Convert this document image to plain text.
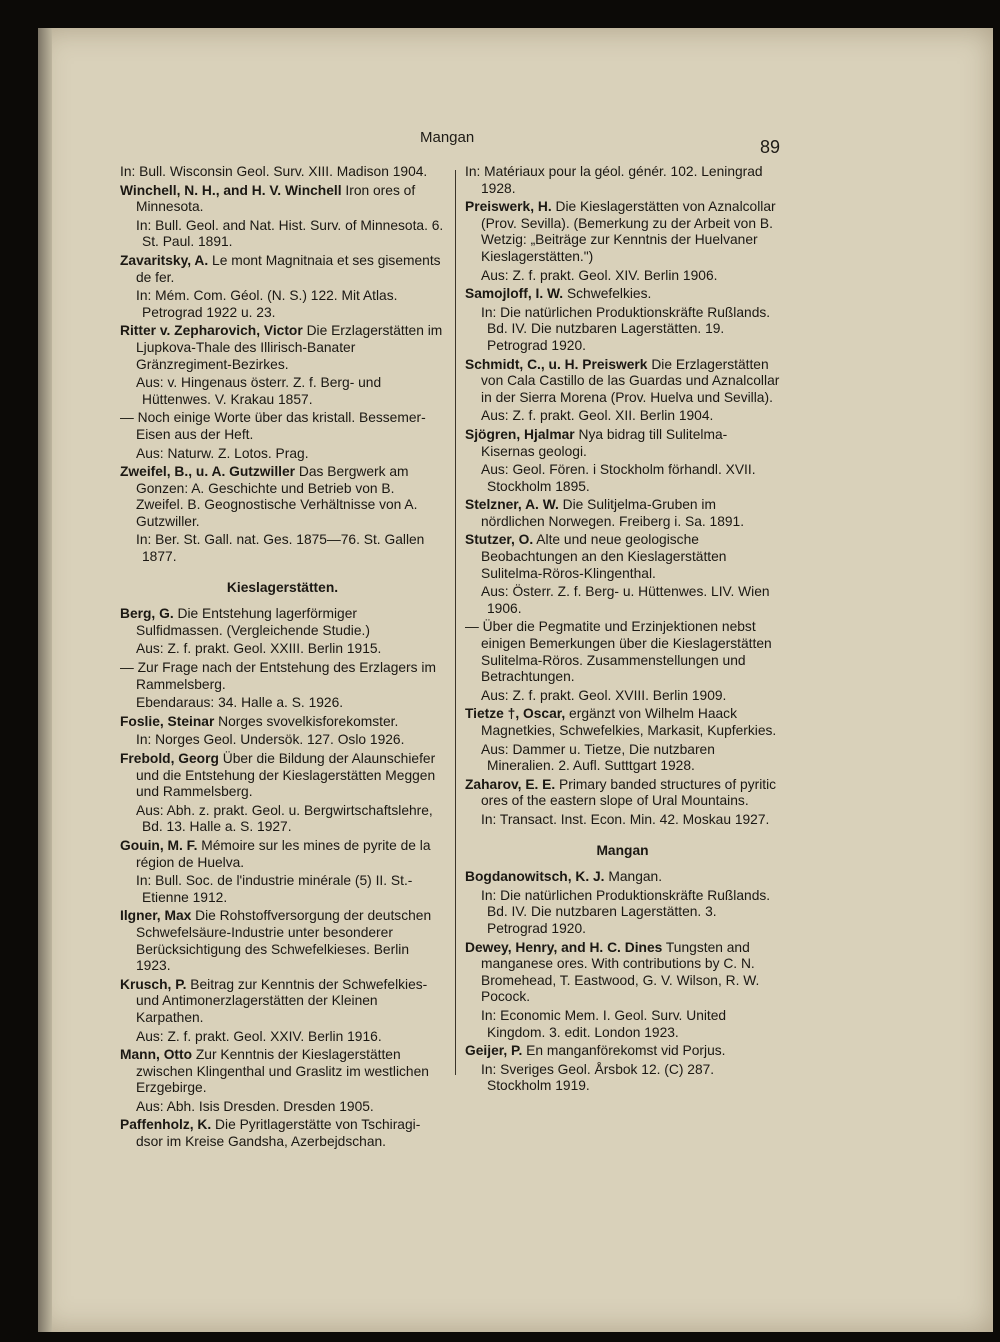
Mangan	89
In: Bull. Wisconsin Geol. Surv. XIII. Madison 1904.
Winchell, N. H., and H. V. Winchell Iron ores of Minnesota.
In: Bull. Geol. and Nat. Hist. Surv. of Minnesota. 6. St. Paul. 1891.
Zavaritsky, A. Le mont Magnitnaia et ses gisements de fer.
In: Mém. Com. Géol. (N. S.) 122. Mit Atlas. Petrograd 1922 u. 23.
Ritter v. Zepharovich, Victor Die Erzlagerstätten im Ljupkova-Thale des Illirisch-Banater Gränzregiment-Bezirkes.
Aus: v. Hingenaus österr. Z. f. Berg- und Hüttenwes. V. Krakau 1857.
— Noch einige Worte über das kristall. Bessemer-Eisen aus der Heft.
Aus: Naturw. Z. Lotos. Prag.
Zweifel, B., u. A. Gutzwiller Das Bergwerk am Gonzen: A. Geschichte und Betrieb von B. Zweifel. B. Geognostische Verhältnisse von A. Gutzwiller.
In: Ber. St. Gall. nat. Ges. 1875—76. St. Gallen 1877.
Kieslagerstätten.
Berg, G. Die Entstehung lagerförmiger Sulfidmassen. (Vergleichende Studie.)
Aus: Z. f. prakt. Geol. XXIII. Berlin 1915.
— Zur Frage nach der Entstehung des Erzlagers im Rammelsberg.
Ebendaraus: 34. Halle a. S. 1926.
Foslie, Steinar Norges svovelkisforekomster.
In: Norges Geol. Undersök. 127. Oslo 1926.
Frebold, Georg Über die Bildung der Alaunschiefer und die Entstehung der Kieslagerstätten Meggen und Rammelsberg.
Aus: Abh. z. prakt. Geol. u. Bergwirtschaftslehre, Bd. 13. Halle a. S. 1927.
Gouin, M. F. Mémoire sur les mines de pyrite de la région de Huelva.
In: Bull. Soc. de l'industrie minérale (5) II. St.-Etienne 1912.
Ilgner, Max Die Rohstoffversorgung der deutschen Schwefelsäure-Industrie unter besonderer Berücksichtigung des Schwefelkieses. Berlin 1923.
Krusch, P. Beitrag zur Kenntnis der Schwefelkies- und Antimonerzlagerstätten der Kleinen Karpathen.
Aus: Z. f. prakt. Geol. XXIV. Berlin 1916.
Mann, Otto Zur Kenntnis der Kieslagerstätten zwischen Klingenthal und Graslitz im westlichen Erzgebirge.
Aus: Abh. Isis Dresden. Dresden 1905.
Paffenholz, K. Die Pyritlagerstätte von Tschiragi-dsor im Kreise Gandsha, Azerbejdschan.
In: Matériaux pour la géol. génér. 102. Leningrad 1928.
Preiswerk, H. Die Kieslagerstätten von Aznalcollar (Prov. Sevilla). (Bemerkung zu der Arbeit von B. Wetzig: „Beiträge zur Kenntnis der Huelvaner Kieslagerstätten.")
Aus: Z. f. prakt. Geol. XIV. Berlin 1906.
Samojloff, I. W. Schwefelkies.
In: Die natürlichen Produktionskräfte Rußlands. Bd. IV. Die nutzbaren Lagerstätten. 19. Petrograd 1920.
Schmidt, C., u. H. Preiswerk Die Erzlagerstätten von Cala Castillo de las Guardas und Aznalcollar in der Sierra Morena (Prov. Huelva und Sevilla).
Aus: Z. f. prakt. Geol. XII. Berlin 1904.
Sjögren, Hjalmar Nya bidrag till Sulitelma-Kisernas geologi.
Aus: Geol. Fören. i Stockholm förhandl. XVII. Stockholm 1895.
Stelzner, A. W. Die Sulitjelma-Gruben im nördlichen Norwegen. Freiberg i. Sa. 1891.
Stutzer, O. Alte und neue geologische Beobachtungen an den Kieslagerstätten Sulitelma-Röros-Klingenthal.
Aus: Österr. Z. f. Berg- u. Hüttenwes. LIV. Wien 1906.
— Über die Pegmatite und Erzinjektionen nebst einigen Bemerkungen über die Kieslagerstätten Sulitelma-Röros. Zusammenstellungen und Betrachtungen.
Aus: Z. f. prakt. Geol. XVIII. Berlin 1909.
Tietze †, Oscar, ergänzt von Wilhelm Haack Magnetkies, Schwefelkies, Markasit, Kupferkies.
Aus: Dammer u. Tietze, Die nutzbaren Mineralien. 2. Aufl. Sutttgart 1928.
Zaharov, E. E. Primary banded structures of pyritic ores of the eastern slope of Ural Mountains.
In: Transact. Inst. Econ. Min. 42. Moskau 1927.
Mangan
Bogdanowitsch, K. J. Mangan.
In: Die natürlichen Produktionskräfte Rußlands. Bd. IV. Die nutzbaren Lagerstätten. 3. Petrograd 1920.
Dewey, Henry, and H. C. Dines Tungsten and manganese ores. With contributions by C. N. Bromehead, T. Eastwood, G. V. Wilson, R. W. Pocock.
In: Economic Mem. I. Geol. Surv. United Kingdom. 3. edit. London 1923.
Geijer, P. En manganförekomst vid Porjus.
In: Sveriges Geol. Årsbok 12. (C) 287. Stockholm 1919.
